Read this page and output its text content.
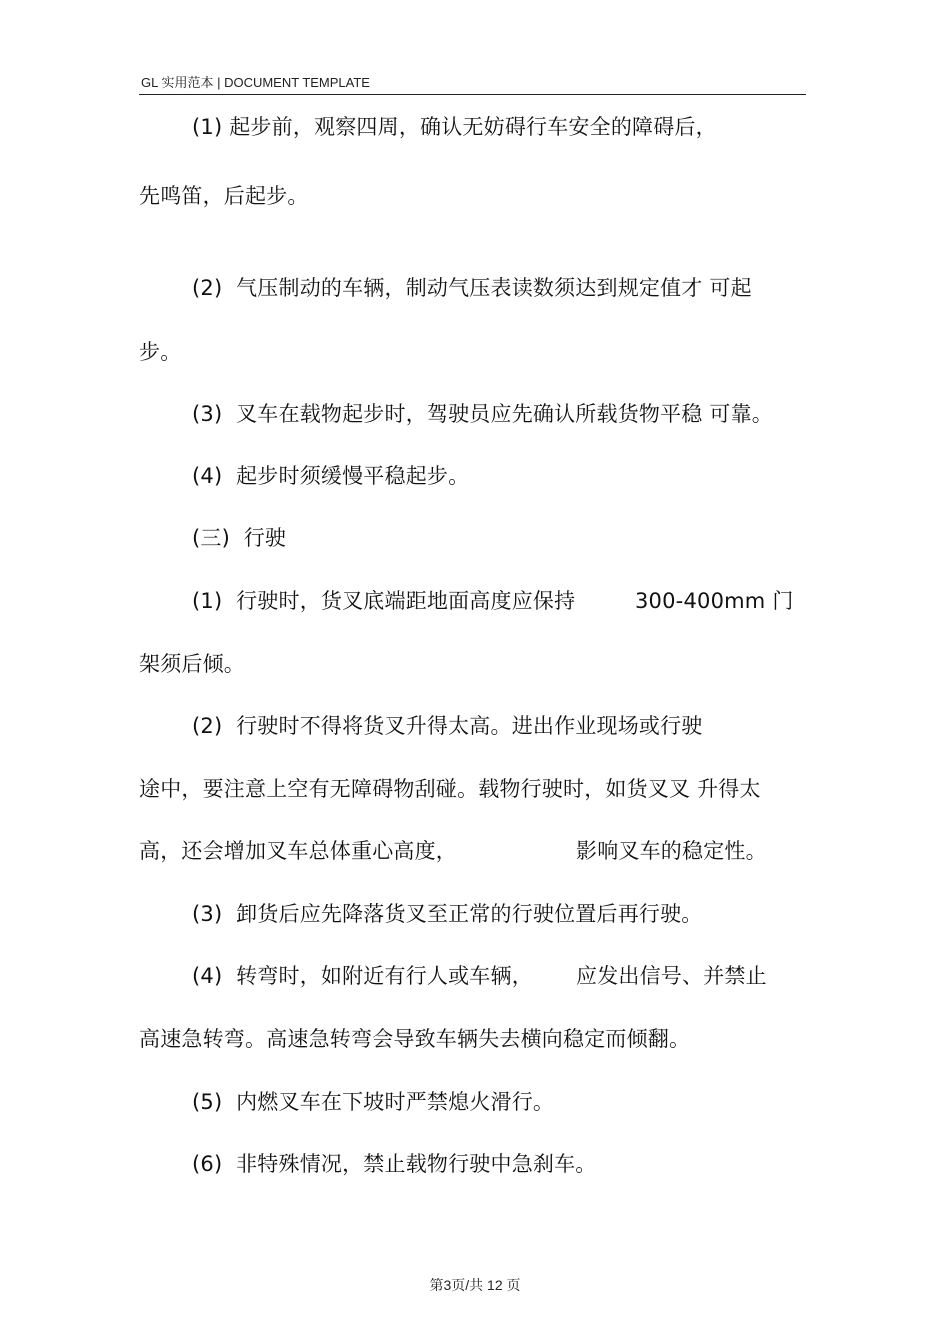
GL 实用范本 | DOCUMENT TEMPLATE
(1) 起步前，观察四周，确认无妨碍行车安全的障碍后，
先鸣笛，后起步。
(2)  气压制动的车辆，制动气压表读数须达到规定值才 可起
步。
(3)  叉车在载物起步时，驾驶员应先确认所载货物平稳 可靠。
(4)  起步时须缓慢平稳起步。
(三)  行驶
(1)  行驶时，货叉底端距地面高度应保持	300-400mm 门
架须后倾。
(2)  行驶时不得将货叉升得太高。进出作业现场或行驶
途中，要注意上空有无障碍物刮碰。载物行驶时，如货叉叉 升得太
高，还会增加叉车总体重心高度，	影响叉车的稳定性。
(3)  卸货后应先降落货叉至正常的行驶位置后再行驶。
(4)  转弯时，如附近有行人或车辆， 应发出信号、并禁止
高速急转弯。高速急转弯会导致车辆失去横向稳定而倾翻。
(5)  内燃叉车在下坡时严禁熄火滑行。
(6)  非特殊情况，禁止载物行驶中急刹车。
第3页/共 12 页
